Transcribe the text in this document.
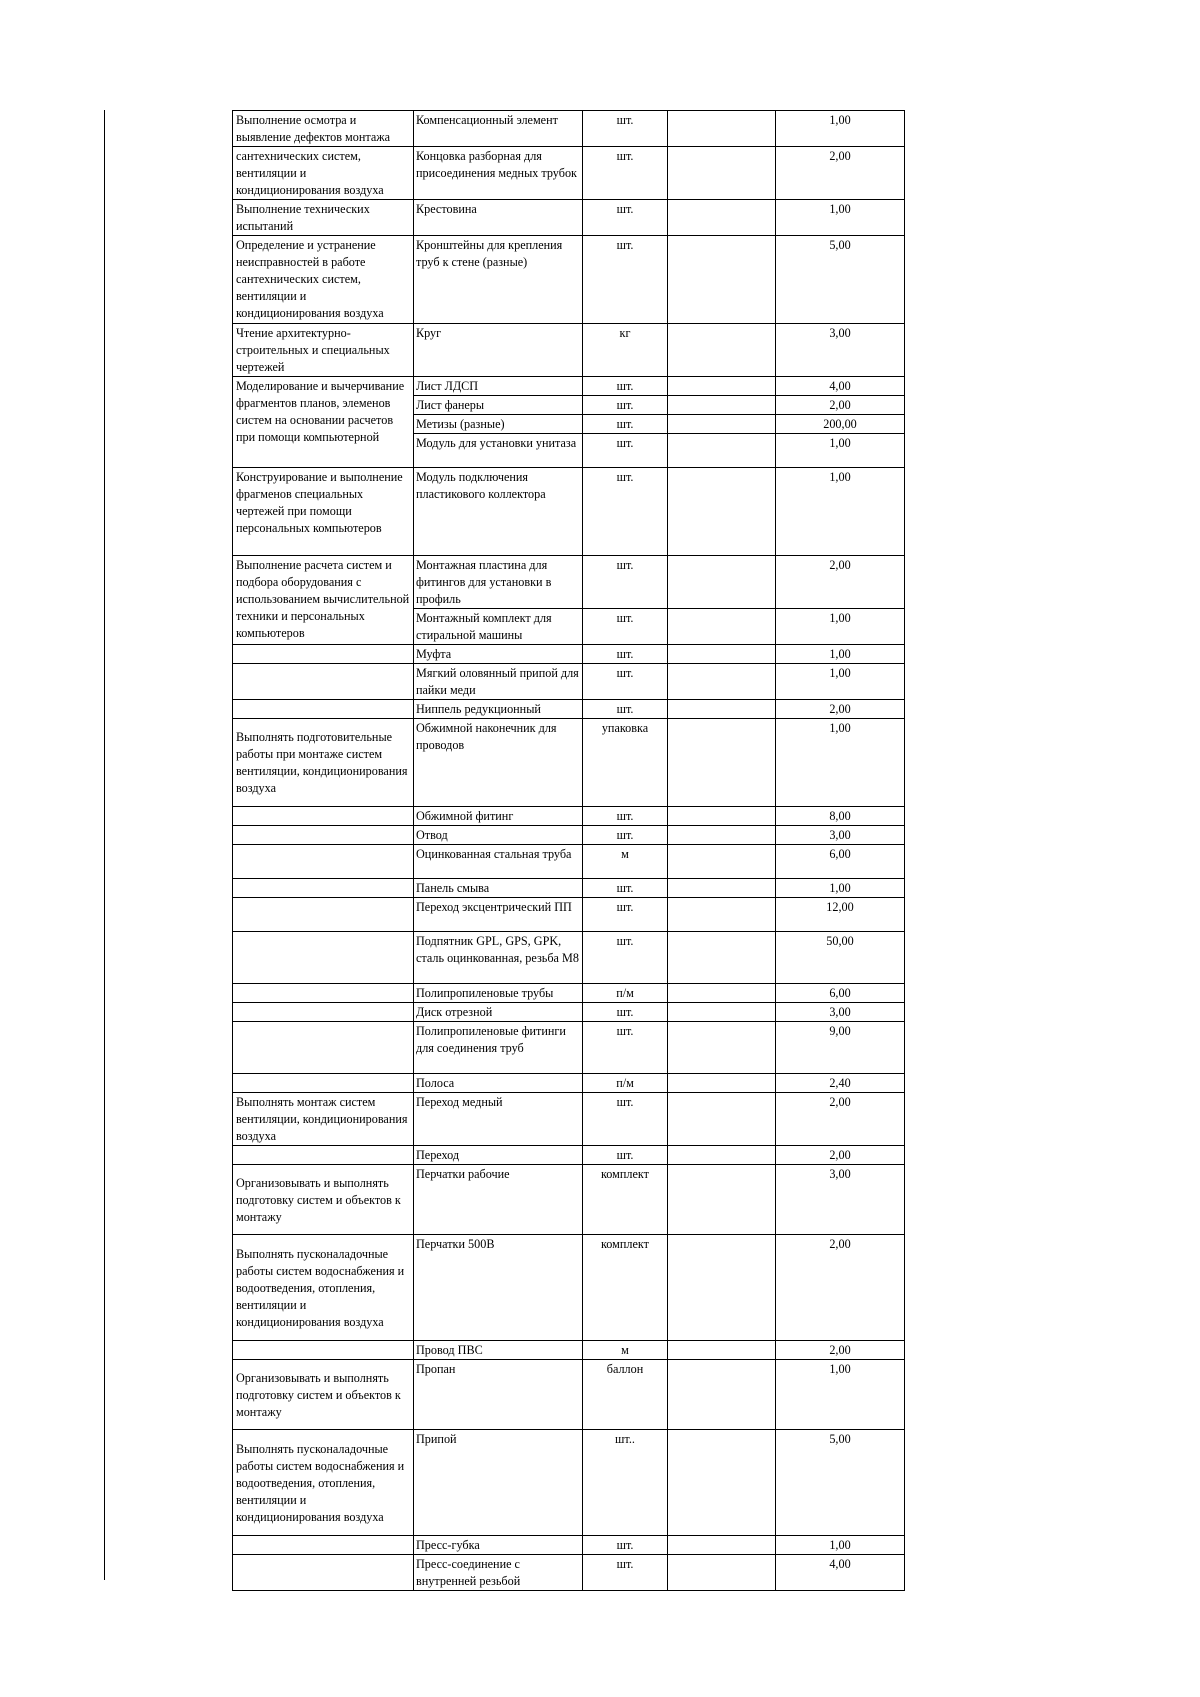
Выполнение осмотра и выявление дефектов монтажа	Компенсационный элемент	шт.		1,00

сантехнических систем, вентиляции и кондиционирования воздуха	Концовка разборная для присоединения медных трубок	шт.		2,00

Выполнение технических испытаний	Крестовина	шт.		1,00

Определение и устранение неисправностей в работе сантехнических систем, вентиляции и кондиционирования воздуха	Кронштейны для крепления труб к стене (разные)	шт.		5,00

Чтение архитектурно-строительных и специальных чертежей	Круг	кг		3,00

Моделирование и вычерчивание фрагментов планов, элеменов систем на основании расчетов при помощи компьютерной	Лист ЛДСП	шт.		4,00

	Лист фанеры	шт.		2,00

	Метизы (разные)	шт.		200,00

	Модуль для установки унитаза	шт.		1,00

Конструирование и выполнение фрагменов специальных чертежей при помощи персональных компьютеров	Модуль подключения пластикового коллектора	шт.		1,00

Выполнение расчета систем и подбора оборудования с использованием вычислительной техники и персональных компьютеров	Монтажная пластина для фитингов для установки в профиль	шт.		2,00

	Монтажный комплект для стиральной машины	шт.		1,00

	Муфта	шт.		1,00

	Мягкий оловянный припой для пайки меди	шт.		1,00

	Ниппель редукционный	шт.		2,00

Выполнять подготовительные работы при монтаже систем вентиляции, кондиционирования воздуха	Обжимной наконечник для проводов	упаковка		1,00

	Обжимной фитинг	шт.		8,00

	Отвод	шт.		3,00

	Оцинкованная стальная труба	м		6,00

	Панель смыва	шт.		1,00

	Переход эксцентрический ПП	шт.		12,00

	Подпятник GPL, GPS, GPK, сталь оцинкованная, резьба М8	шт.		50,00

	Полипропиленовые трубы	п/м		6,00

	Диск отрезной	шт.		3,00

	Полипропиленовые фитинги для соединения труб	шт.		9,00

	Полоса	п/м		2,40

Выполнять монтаж систем вентиляции, кондиционирования воздуха	Переход медный	шт.		2,00

	Переход	шт.		2,00

Организовывать и выполнять подготовку систем и объектов к монтажу	Перчатки рабочие	комплект		3,00

Выполнять пусконаладочные работы систем водоснабжения и водоотведения, отопления, вентиляции и кондиционирования воздуха	Перчатки 500В	комплект		2,00

	Провод ПВС	м		2,00

Организовывать и выполнять подготовку систем и объектов к монтажу	Пропан	баллон		1,00

Выполнять пусконаладочные работы систем водоснабжения и водоотведения, отопления, вентиляции и кондиционирования воздуха	Припой	шт..		5,00

	Пресс-губка	шт.		1,00

	Пресс-соединение с внутренней резьбой	шт.		4,00
